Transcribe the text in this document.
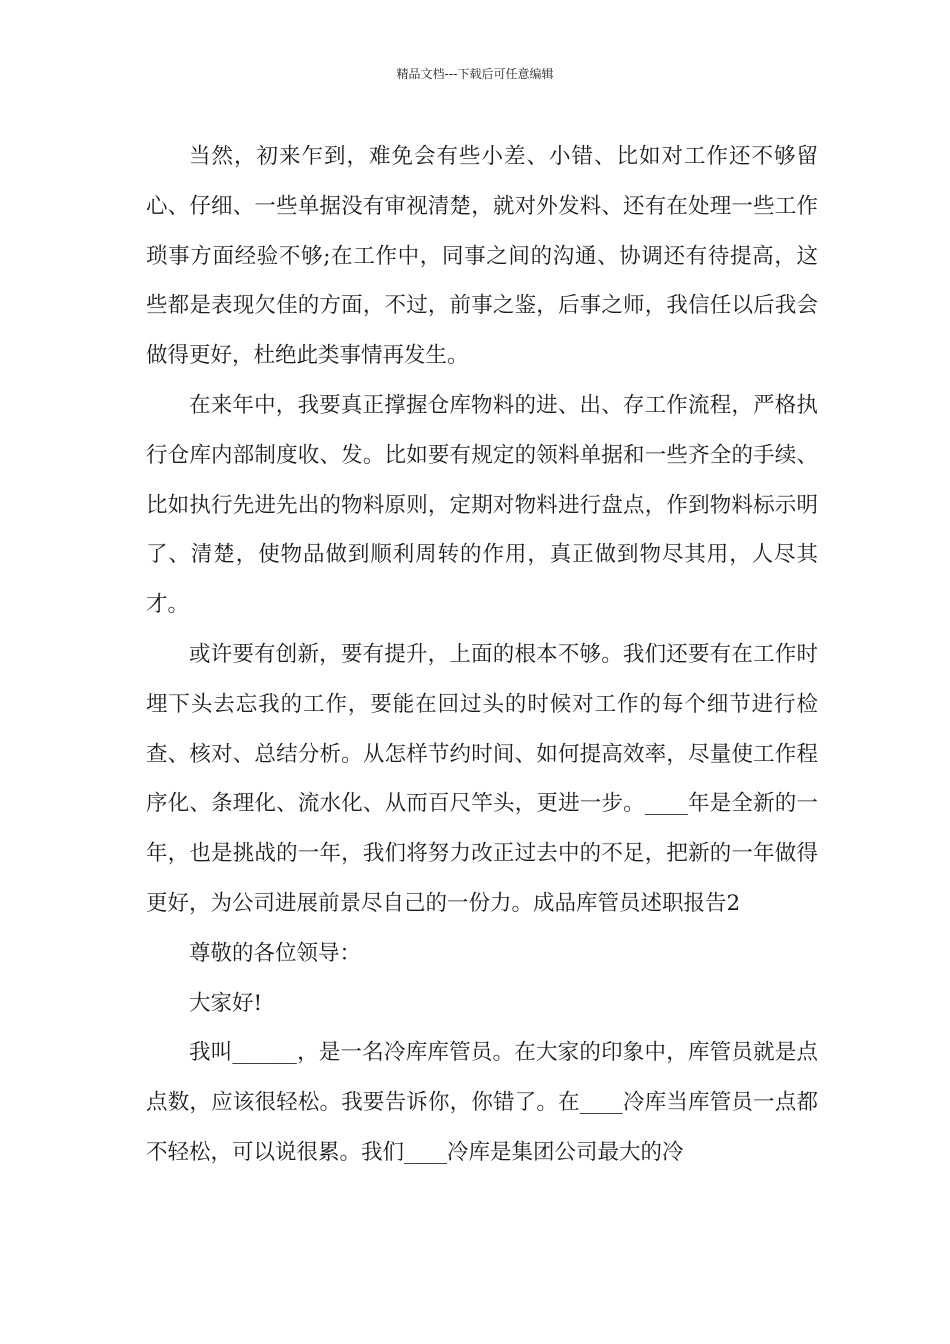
精品文档---下载后可任意编辑

当然，初来乍到，难免会有些小差、小错、比如对工作还不够留心、仔细、一些单据没有审视清楚，就对外发料、还有在处理一些工作琐事方面经验不够;在工作中，同事之间的沟通、协调还有待提高，这些都是表现欠佳的方面，不过，前事之鉴，后事之师，我信任以后我会做得更好，杜绝此类事情再发生。

在来年中，我要真正撑握仓库物料的进、出、存工作流程，严格执行仓库内部制度收、发。比如要有规定的领料单据和一些齐全的手续、比如执行先进先出的物料原则，定期对物料进行盘点，作到物料标示明了、清楚，使物品做到顺利周转的作用，真正做到物尽其用，人尽其才。

或许要有创新，要有提升，上面的根本不够。我们还要有在工作时埋下头去忘我的工作，要能在回过头的时候对工作的每个细节进行检查、核对、总结分析。从怎样节约时间、如何提高效率，尽量使工作程序化、条理化、流水化、从而百尺竿头，更进一步。____年是全新的一年，也是挑战的一年，我们将努力改正过去中的不足，把新的一年做得更好，为公司进展前景尽自己的一份力。成品库管员述职报告2

尊敬的各位领导：

大家好!

我叫______，是一名冷库库管员。在大家的印象中，库管员就是点点数，应该很轻松。我要告诉你，你错了。在____冷库当库管员一点都不轻松，可以说很累。我们____冷库是集团公司最大的冷
